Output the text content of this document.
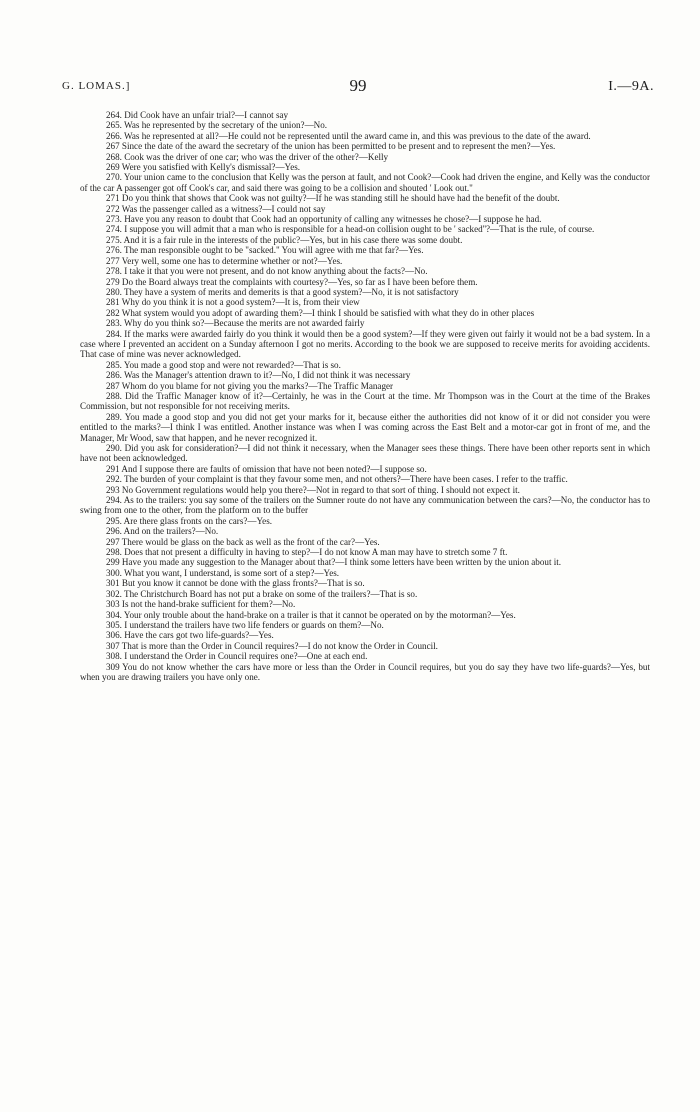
G. LOMAS.]	99	I.—9A.

264. Did Cook have an unfair trial?—I cannot say

265. Was he represented by the secretary of the union?—No.

266. Was he represented at all?—He could not be represented until the award came in, and this was previous to the date of the award.

267 Since the date of the award the secretary of the union has been permitted to be present and to represent the men?—Yes.

268. Cook was the driver of one car; who was the driver of the other?—Kelly

269 Were you satisfied with Kelly's dismissal?—Yes.

270. Your union came to the conclusion that Kelly was the person at fault, and not Cook?—Cook had driven the engine, and Kelly was the conductor of the car A passenger got off Cook's car, and said there was going to be a collision and shouted ' Look out."

271 Do you think that shows that Cook was not guilty?—If he was standing still he should have had the benefit of the doubt.

272 Was the passenger called as a witness?—I could not say

273. Have you any reason to doubt that Cook had an opportunity of calling any witnesses he chose?—I suppose he had.

274. I suppose you will admit that a man who is responsible for a head-on collision ought to be ' sacked''?—That is the rule, of course.

275. And it is a fair rule in the interests of the public?—Yes, but in his case there was some doubt.

276. The man responsible ought to be "sacked." You will agree with me that far?—Yes.

277 Very well, some one has to determine whether or not?—Yes.

278. I take it that you were not present, and do not know anything about the facts?—No.

279 Do the Board always treat the complaints with courtesy?—Yes, so far as I have been before them.

280. They have a system of merits and demerits is that a good system?—No, it is not satisfactory

281 Why do you think it is not a good system?—It is, from their view

282 What system would you adopt of awarding them?—I think I should be satisfied with what they do in other places

283. Why do you think so?—Because the merits are not awarded fairly

284. If the marks were awarded fairly do you think it would then be a good system?—If they were given out fairly it would not be a bad system. In a case where I prevented an accident on a Sunday afternoon I got no merits. According to the book we are supposed to receive merits for avoiding accidents. That case of mine was never acknowledged.

285. You made a good stop and were not rewarded?—That is so.

286. Was the Manager's attention drawn to it?—No, I did not think it was necessary

287 Whom do you blame for not giving you the marks?—The Traffic Manager

288. Did the Traffic Manager know of it?—Certainly, he was in the Court at the time. Mr Thompson was in the Court at the time of the Brakes Commission, but not responsible for not receiving merits.

289. You made a good stop and you did not get your marks for it, because either the authorities did not know of it or did not consider you were entitled to the marks?—I think I was entitled. Another instance was when I was coming across the East Belt and a motor-car got in front of me, and the Manager, Mr Wood, saw that happen, and he never recognized it.

290. Did you ask for consideration?—I did not think it necessary, when the Manager sees these things. There have been other reports sent in which have not been acknowledged.

291 And I suppose there are faults of omission that have not been noted?—I suppose so.

292. The burden of your complaint is that they favour some men, and not others?—There have been cases. I refer to the traffic.

293 No Government regulations would help you there?—Not in regard to that sort of thing. I should not expect it.

294. As to the trailers: you say some of the trailers on the Sumner route do not have any communication between the cars?—No, the conductor has to swing from one to the other, from the platform on to the buffer

295. Are there glass fronts on the cars?—Yes.

296. And on the trailers?—No.

297 There would be glass on the back as well as the front of the car?—Yes.

298. Does that not present a difficulty in having to step?—I do not know A man may have to stretch some 7 ft.

299 Have you made any suggestion to the Manager about that?—I think some letters have been written by the union about it.

300. What you want, I understand, is some sort of a step?—Yes.

301 But you know it cannot be done with the glass fronts?—That is so.

302. The Christchurch Board has not put a brake on some of the trailers?—That is so.

303 Is not the hand-brake sufficient for them?—No.

304. Your only trouble about the hand-brake on a trailer is that it cannot be operated on by the motorman?—Yes.

305. I understand the trailers have two life fenders or guards on them?—No.

306. Have the cars got two life-guards?—Yes.

307 That is more than the Order in Council requires?—I do not know the Order in Council.

308. I understand the Order in Council requires one?—One at each end.

309 You do not know whether the cars have more or less than the Order in Council requires, but you do say they have two life-guards?—Yes, but when you are drawing trailers you have only one.
